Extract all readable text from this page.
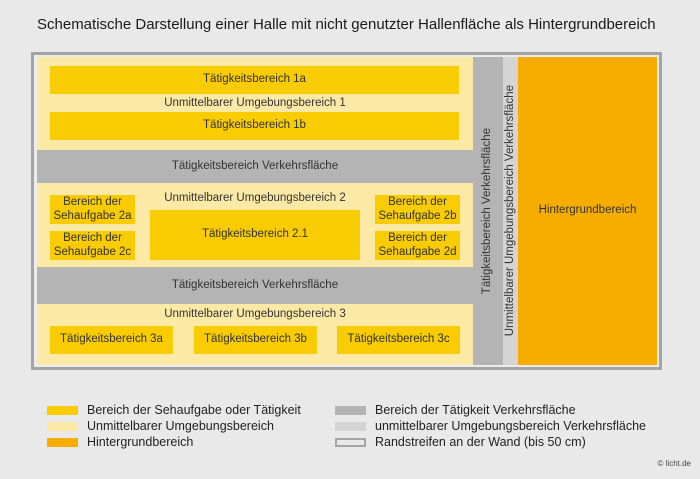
Schematische Darstellung einer Halle mit nicht genutzter Hallenfläche als Hintergrundbereich
Tätigkeitsbereich 1a
Unmittelbarer Umgebungsbereich 1
Tätigkeitsbereich 1b
Tätigkeitsbereich Verkehrsfläche
Unmittelbarer Umgebungsbereich 2
Bereich der Sehaufgabe 2a
Bereich der Sehaufgabe 2c
Tätigkeitsbereich 2.1
Bereich der Sehaufgabe 2b
Bereich der Sehaufgabe 2d
Tätigkeitsbereich Verkehrsfläche
Unmittelbarer Umgebungsbereich 3
Tätigkeitsbereich 3a	Tätigkeitsbereich 3b	Tätigkeitsbereich 3c
Tätigkeitsbereich Verkehrsfläche Unmittelbarer Umgebungsbereich Verkehrsfläche Hintergrundbereich
Bereich der Sehaufgabe oder Tätigkeit
Unmittelbarer Umgebungsbereich
Hintergrundbereich
Bereich der Tätigkeit Verkehrsfläche
unmittelbarer Umgebungsbereich Verkehrsfläche
Randstreifen an der Wand (bis 50 cm)
© licht.de
